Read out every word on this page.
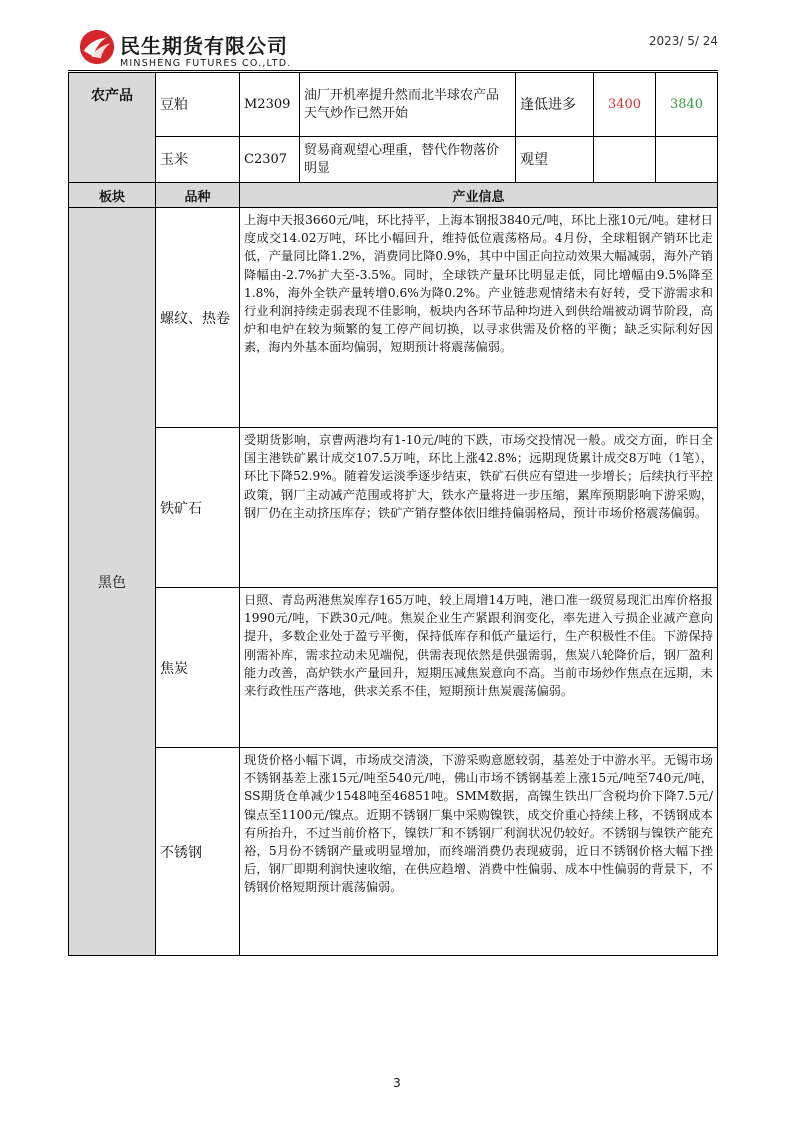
民生期货有限公司
MINSHENG FUTURES CO.,LTD.
2023/ 5/ 24
农产品	豆粕	M2309	油厂开机率提升然而北半球农产品天气炒作已然开始	逢低进多	3400	3840
	玉米	C2307	贸易商观望心理重，替代作物落价明显	观望		
板块	品种	产业信息
黑色	螺纹、热卷	上海中天报3660元/吨，环比持平，上海本钢报3840元/吨，环比上涨10元/吨。建材日度成交14.02万吨，环比小幅回升，维持低位震荡格局。4月份，全球粗钢产销环比走低，产量同比降1.2%，消费同比降0.9%，其中中国正向拉动效果大幅减弱，海外产销降幅由-2.7%扩大至-3.5%。同时，全球铁产量环比明显走低，同比增幅由9.5%降至1.8%，海外全铁产量转增0.6%为降0.2%。产业链悲观情绪未有好转，受下游需求和行业利润持续走弱表现不佳影响，板块内各环节品种均进入到供给端被动调节阶段，高炉和电炉在较为频繁的复工停产间切换，以寻求供需及价格的平衡；缺乏实际利好因素，海内外基本面均偏弱，短期预计将震荡偏弱。
	铁矿石	受期货影响，京曹两港均有1-10元/吨的下跌，市场交投情况一般。成交方面，昨日全国主港铁矿累计成交107.5万吨，环比上涨42.8%；远期现货累计成交8万吨（1笔），环比下降52.9%。随着发运淡季逐步结束，铁矿石供应有望进一步增长；后续执行平控政策，钢厂主动减产范围或将扩大，铁水产量将进一步压缩，累库预期影响下游采购，钢厂仍在主动挤压库存；铁矿产销存整体依旧维持偏弱格局，预计市场价格震荡偏弱。
	焦炭	日照、青岛两港焦炭库存165万吨，较上周增14万吨，港口准一级贸易现汇出库价格报1990元/吨，下跌30元/吨。焦炭企业生产紧跟利润变化，率先进入亏损企业减产意向提升，多数企业处于盈亏平衡，保持低库存和低产量运行，生产积极性不佳。下游保持刚需补库，需求拉动未见端倪，供需表现依然是供强需弱，焦炭八轮降价后，钢厂盈利能力改善，高炉铁水产量回升，短期压减焦炭意向不高。当前市场炒作焦点在远期，未来行政性压产落地，供求关系不佳，短期预计焦炭震荡偏弱。
	不锈钢	现货价格小幅下调，市场成交清淡，下游采购意愿较弱，基差处于中游水平。无锡市场不锈钢基差上涨15元/吨至540元/吨，佛山市场不锈钢基差上涨15元/吨至740元/吨，SS期货仓单减少1548吨至46851吨。SMM数据，高镍生铁出厂含税均价下降7.5元/镍点至1100元/镍点。近期不锈钢厂集中采购镍铁，成交价重心持续上移，不锈钢成本有所抬升，不过当前价格下，镍铁厂和不锈钢厂利润状况仍较好。不锈钢与镍铁产能充裕，5月份不锈钢产量或明显增加，而终端消费仍表现疲弱，近日不锈钢价格大幅下挫后，钢厂即期利润快速收缩，在供应趋增、消费中性偏弱、成本中性偏弱的背景下，不锈钢价格短期预计震荡偏弱。
3
